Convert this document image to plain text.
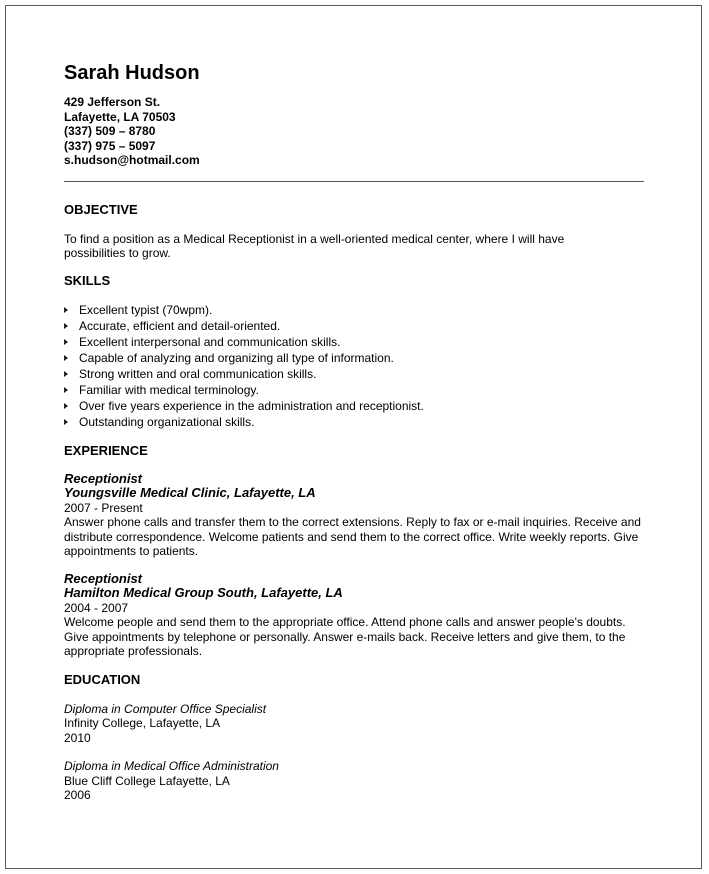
Sarah Hudson
429 Jefferson St.
Lafayette, LA 70503
(337) 509 – 8780
(337) 975 – 5097
s.hudson@hotmail.com
OBJECTIVE
To find a position as a Medical Receptionist in a well-oriented medical center, where I will have possibilities to grow.
SKILLS
Excellent typist (70wpm).
Accurate, efficient and detail-oriented.
Excellent interpersonal and communication skills.
Capable of analyzing and organizing all type of information.
Strong written and oral communication skills.
Familiar with medical terminology.
Over five years experience in the administration and receptionist.
Outstanding organizational skills.
EXPERIENCE
Receptionist
Youngsville Medical Clinic, Lafayette, LA
2007 - Present
Answer phone calls and transfer them to the correct extensions. Reply to fax or e-mail inquiries. Receive and distribute correspondence. Welcome patients and send them to the correct office. Write weekly reports. Give appointments to patients.
Receptionist
Hamilton Medical Group South, Lafayette, LA
2004 - 2007
Welcome people and send them to the appropriate office. Attend phone calls and answer people's doubts. Give appointments by telephone or personally. Answer e-mails back. Receive letters and give them, to the appropriate professionals.
EDUCATION
Diploma in Computer Office Specialist
Infinity College, Lafayette, LA
2010
Diploma in Medical Office Administration
Blue Cliff College Lafayette, LA
2006
